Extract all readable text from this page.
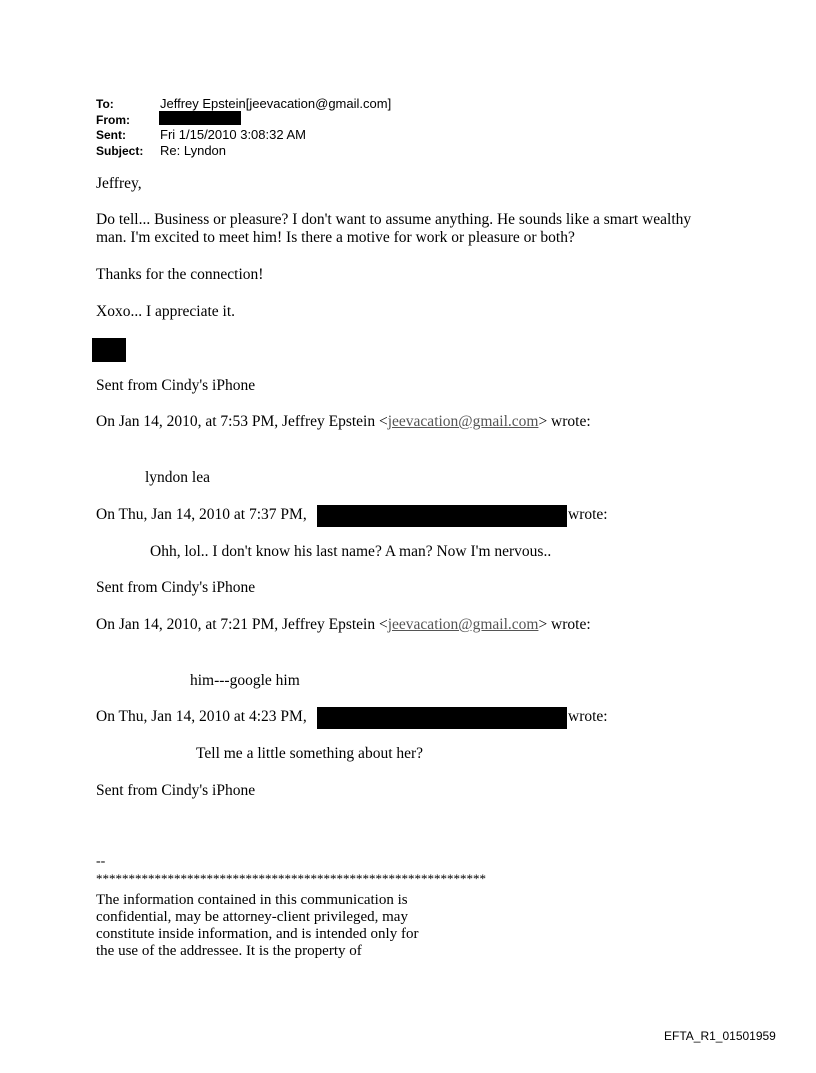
To:	Jeffrey Epstein[jeevacation@gmail.com]
From:
Sent:	Fri 1/15/2010 3:08:32 AM
Subject: Re: Lyndon
Jeffrey,
Do tell... Business or pleasure? I don't want to assume anything. He sounds like a smart wealthy
man. I'm excited to meet him! Is there a motive for work or pleasure or both?
Thanks for the connection!
Xoxo... I appreciate it.
Sent from Cindy's iPhone
On Jan 14, 2010, at 7:53 PM, Jeffrey Epstein <jeevacation@gmail.com> wrote:
lyndon lea
On Thu, Jan 14, 2010 at 7:37 PM,	wrote:
Ohh, lol.. I don't know his last name? A man? Now I'm nervous..
Sent from Cindy's iPhone
On Jan 14, 2010, at 7:21 PM, Jeffrey Epstein <jeevacation@gmail.com> wrote:
him---google him
On Thu, Jan 14, 2010 at 4:23 PM,	wrote:
Tell me a little something about her?
Sent from Cindy's iPhone
--
************************************************************
The information contained in this communication is
confidential, may be attorney-client privileged, may
constitute inside information, and is intended only for
the use of the addressee. It is the property of
EFTA_R1_01501959
